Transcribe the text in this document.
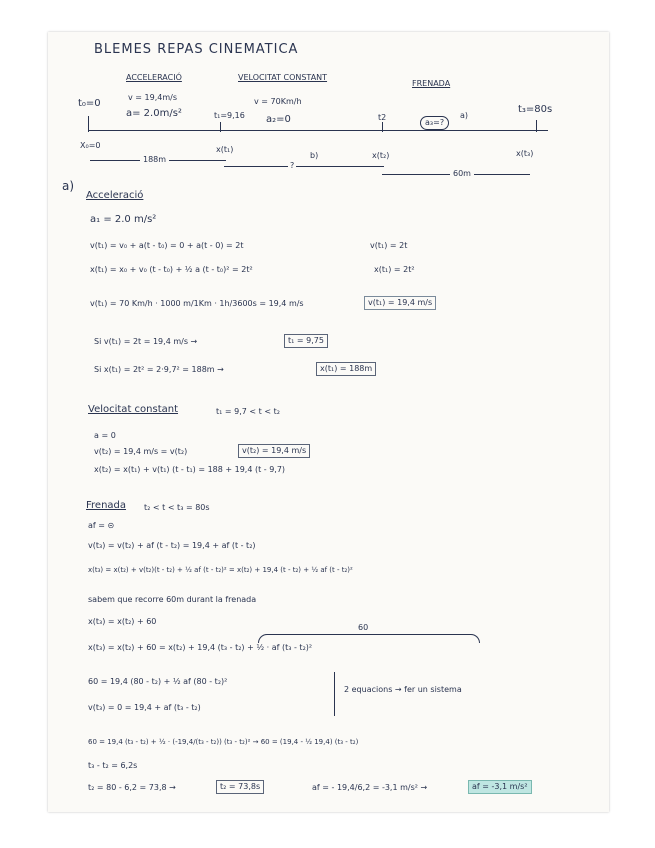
BLEMES REPAS CINEMATICA
ACCELERACIÓ	VELOCITAT CONSTANT
FRENADA
t₀=0
v = 19,4m/s
a= 2.0m/s²	t₁=9,16
v = 70Km/h
a₂=0	t2
a₃=?
a)
t₃=80s
X₀=0	x(t₁)
x(t₂)	x(t₃)
188m
?
b)
60m
a)
Acceleració
a₁ = 2.0 m/s²
v(t₁) = v₀ + a(t - t₀) = 0 + a(t - 0) = 2t	v(t₁) = 2t
x(t₁) = x₀ + v₀ (t - t₀) + ½ a (t - t₀)² = 2t²	x(t₁) = 2t²
v(t₁) = 70 Km/h · 1000 m/1Km · 1h/3600s = 19,4 m/s	v(t₁) = 19,4 m/s
Si v(t₁) = 2t = 19,4 m/s →	t₁ = 9,75
Si x(t₁) = 2t² = 2·9,7² = 188m →	x(t₁) = 188m
Velocitat constant	t₁ = 9,7 < t < t₂
a = 0
v(t₂) = 19,4 m/s = v(t₂)	v(t₂) = 19,4 m/s
x(t₂) = x(t₁) + v(t₁) (t - t₁) = 188 + 19,4 (t - 9,7)
Frenada t₂ < t < t₃ = 80s
af = ⊝
v(t₃) = v(t₂) + af (t - t₂) = 19,4 + af (t - t₂)
x(t₃) = x(t₂) + v(t₂)(t - t₂) + ½ af (t - t₂)² = x(t₂) + 19,4 (t - t₂) + ½ af (t - t₂)²
sabem que recorre 60m durant la frenada
x(t₃) = x(t₂) + 60
60
x(t₃) = x(t₂) + 60 = x(t₂) + 19,4 (t₃ - t₂) + ½ · af (t₃ - t₂)²
60 = 19,4 (80 - t₂) + ½ af (80 - t₂)²
2 equacions → fer un sistema
v(t₃) = 0 = 19,4 + af (t₃ - t₂)
60 = 19,4 (t₃ - t₂) + ½ · (-19,4/(t₃ - t₂)) (t₃ - t₂)² → 60 = (19,4 - ½ 19,4) (t₃ - t₂)
t₃ - t₂ = 6,2s
t₂ = 80 - 6,2 = 73,8 →	t₂ = 73,8s	af = - 19,4/6,2 = -3,1 m/s² →	af = -3,1 m/s²
